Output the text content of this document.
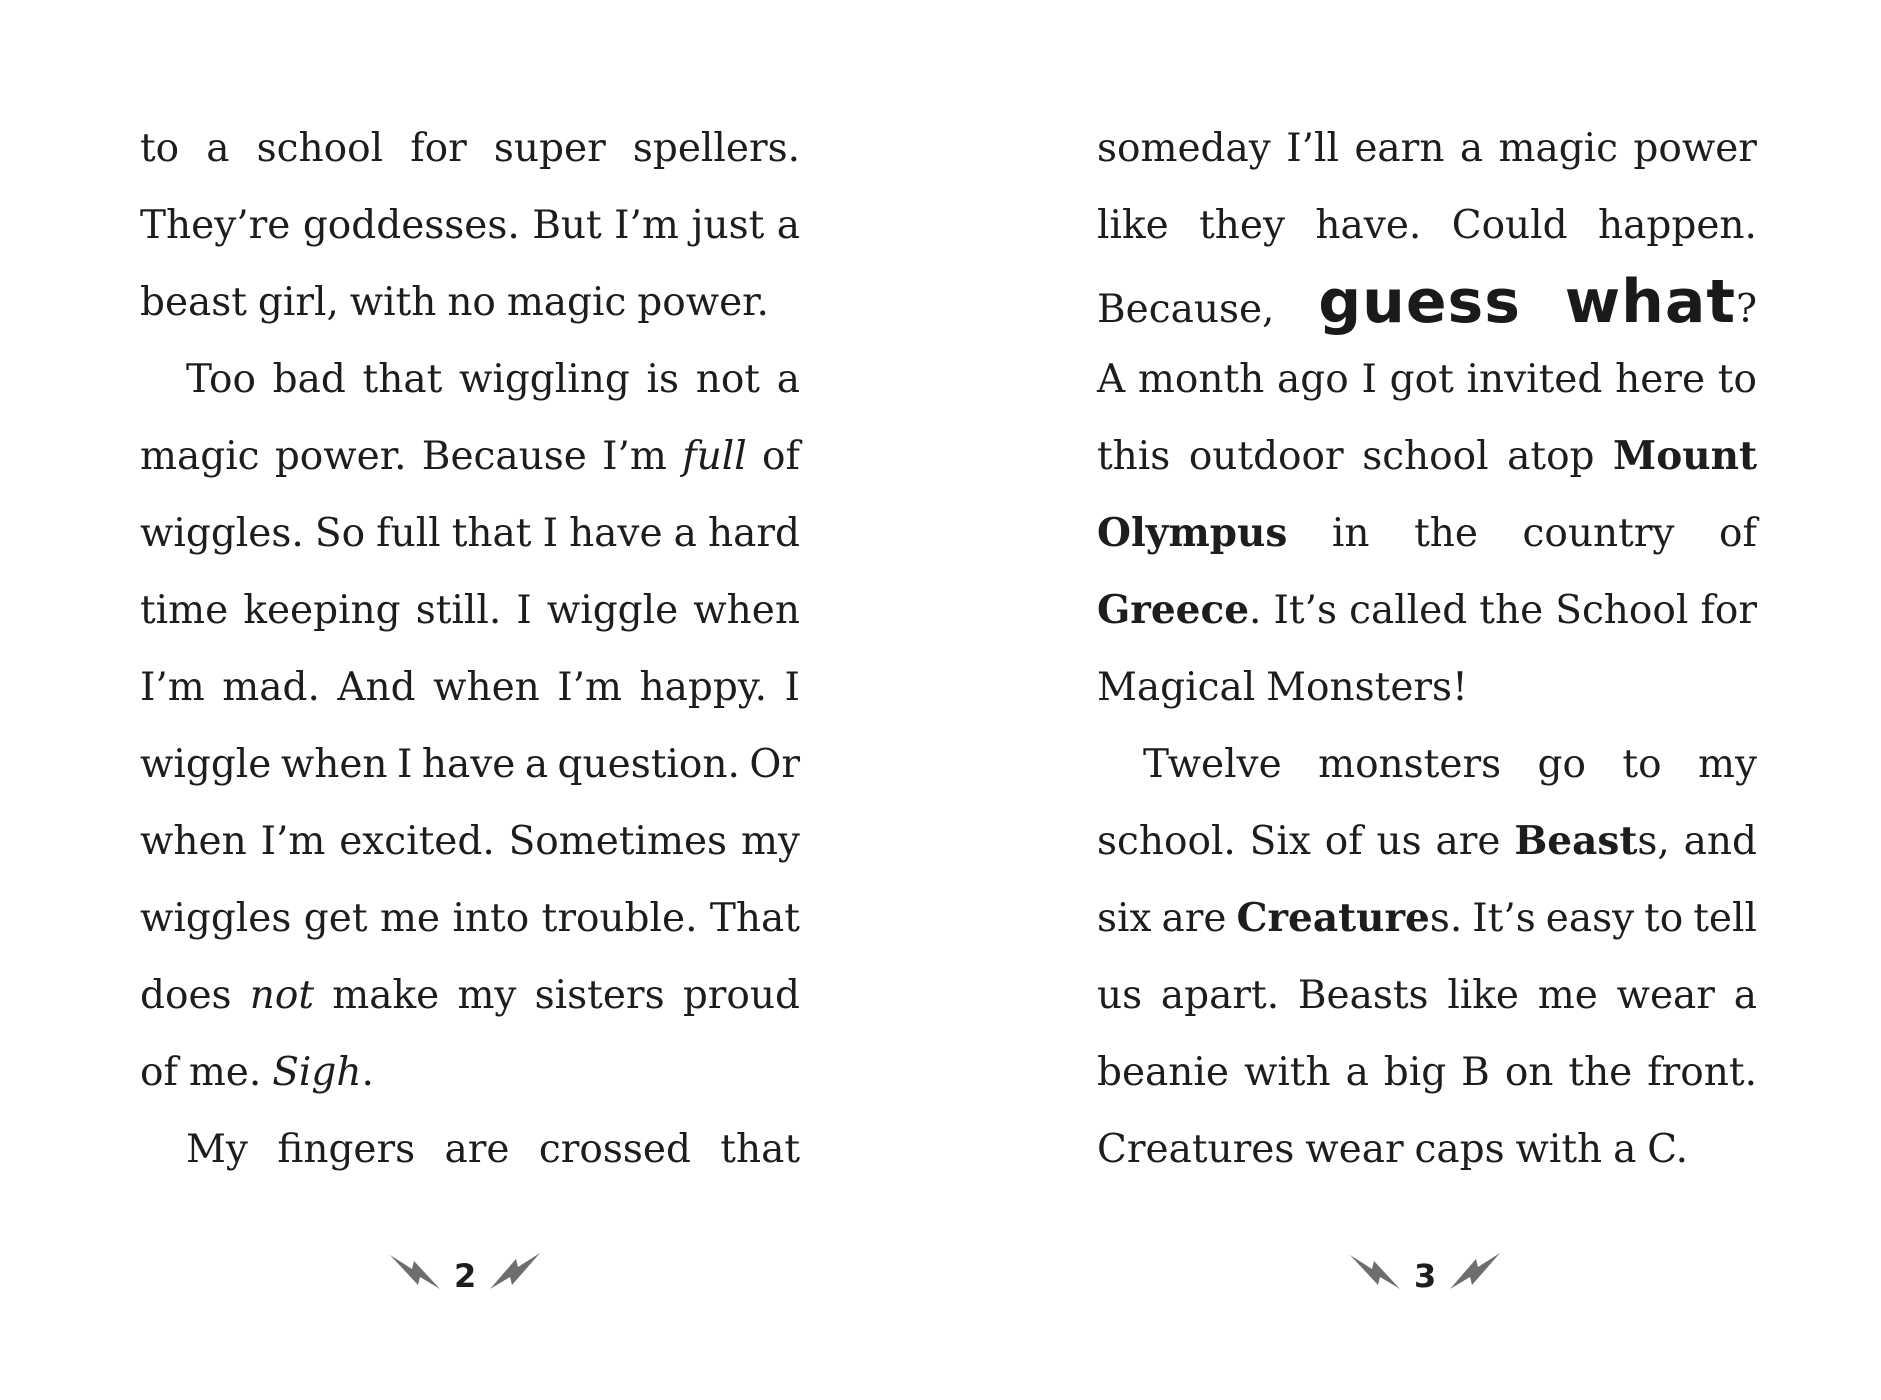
to a school for super spellers.
They’re goddesses. But I’m just a
beast girl, with no magic power.
Too bad that wiggling is not a
magic power. Because I’m full of
wiggles. So full that I have a hard
time keeping still. I wiggle when
I’m mad. And when I’m happy. I
wiggle when I have a question. Or
when I’m excited. Sometimes my
wiggles get me into trouble. That
does not make my sisters proud
of me. Sigh.
My fingers are crossed that
someday I’ll earn a magic power
like they have. Could happen.
Because, guess what?
A month ago I got invited here to
this outdoor school atop Mount
Olympus in the country of
Greece. It’s called the School for
Magical Monsters!
Twelve monsters go to my
school. Six of us are Beasts, and
six are Creatures. It’s easy to tell
us apart. Beasts like me wear a
beanie with a big B on the front.
Creatures wear caps with a C.
2	3
